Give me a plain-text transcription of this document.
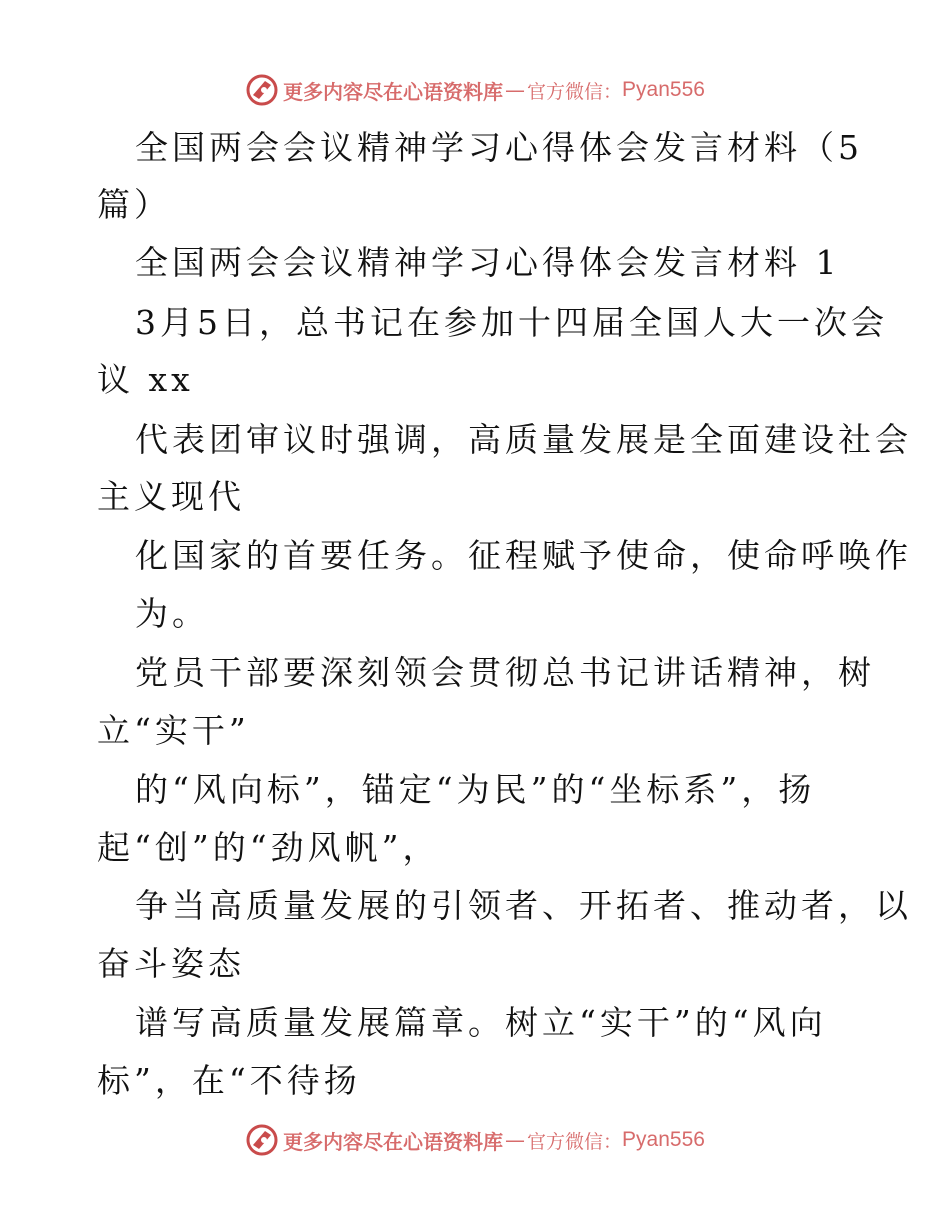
更多内容尽在心语资料库 — 官方微信： Pyan556
全国两会会议精神学习心得体会发言材料（5
篇）
全国两会会议精神学习心得体会发言材料 1
3月5日，总书记在参加十四届全国人大一次会
议 xx
代表团审议时强调，高质量发展是全面建设社会
主义现代
化国家的首要任务。征程赋予使命，使命呼唤作
为。
党员干部要深刻领会贯彻总书记讲话精神，树
立“实干”
的“风向标”，锚定“为民”的“坐标系”，扬
起“创”的“劲风帆”，
争当高质量发展的引领者、开拓者、推动者，以
奋斗姿态
谱写高质量发展篇章。树立“实干”的“风向
标”，在“不待扬
更多内容尽在心语资料库 — 官方微信： Pyan556
